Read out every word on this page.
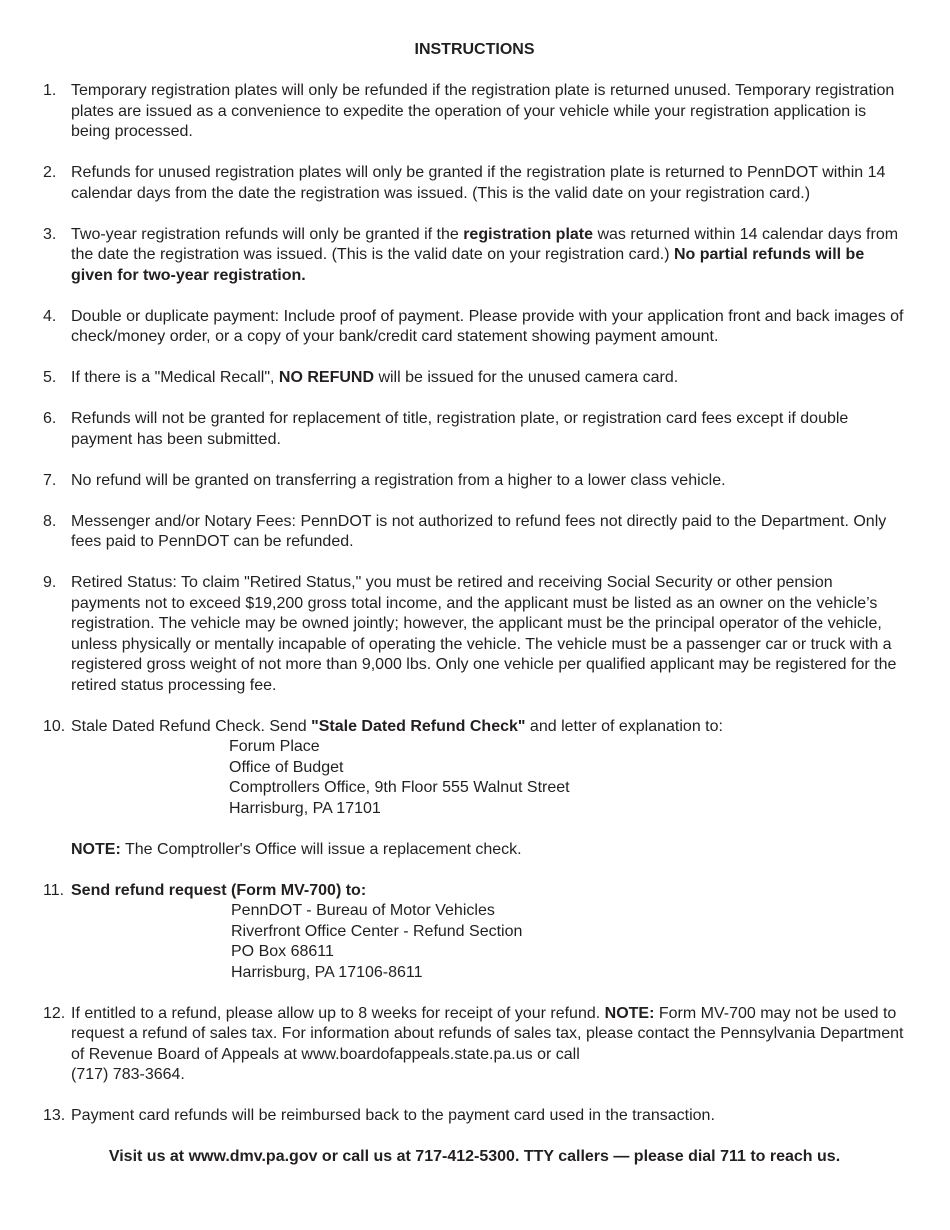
INSTRUCTIONS
1. Temporary registration plates will only be refunded if the registration plate is returned unused. Temporary registration plates are issued as a convenience to expedite the operation of your vehicle while your registration application is being processed.
2. Refunds for unused registration plates will only be granted if the registration plate is returned to PennDOT within 14 calendar days from the date the registration was issued. (This is the valid date on your registration card.)
3. Two-year registration refunds will only be granted if the registration plate was returned within 14 calendar days from the date the registration was issued. (This is the valid date on your registration card.) No partial refunds will be given for two-year registration.
4. Double or duplicate payment: Include proof of payment. Please provide with your application front and back images of check/money order, or a copy of your bank/credit card statement showing payment amount.
5. If there is a "Medical Recall", NO REFUND will be issued for the unused camera card.
6. Refunds will not be granted for replacement of title, registration plate, or registration card fees except if double payment has been submitted.
7. No refund will be granted on transferring a registration from a higher to a lower class vehicle.
8. Messenger and/or Notary Fees: PennDOT is not authorized to refund fees not directly paid to the Department. Only fees paid to PennDOT can be refunded.
9. Retired Status: To claim "Retired Status," you must be retired and receiving Social Security or other pension payments not to exceed $19,200 gross total income, and the applicant must be listed as an owner on the vehicle’s registration. The vehicle may be owned jointly; however, the applicant must be the principal operator of the vehicle, unless physically or mentally incapable of operating the vehicle. The vehicle must be a passenger car or truck with a registered gross weight of not more than 9,000 lbs. Only one vehicle per qualified applicant may be registered for the retired status processing fee.
10. Stale Dated Refund Check. Send "Stale Dated Refund Check" and letter of explanation to:
Forum Place
Office of Budget
Comptrollers Office, 9th Floor 555 Walnut Street
Harrisburg, PA 17101
NOTE: The Comptroller's Office will issue a replacement check.
11. Send refund request (Form MV-700) to:
PennDOT - Bureau of Motor Vehicles
Riverfront Office Center - Refund Section
PO Box 68611
Harrisburg, PA 17106-8611
12. If entitled to a refund, please allow up to 8 weeks for receipt of your refund. NOTE: Form MV-700 may not be used to request a refund of sales tax. For information about refunds of sales tax, please contact the Pennsylvania Department of Revenue Board of Appeals at www.boardofappeals.state.pa.us or call
(717) 783-3664.
13. Payment card refunds will be reimbursed back to the payment card used in the transaction.
Visit us at www.dmv.pa.gov or call us at 717-412-5300. TTY callers — please dial 711 to reach us.
